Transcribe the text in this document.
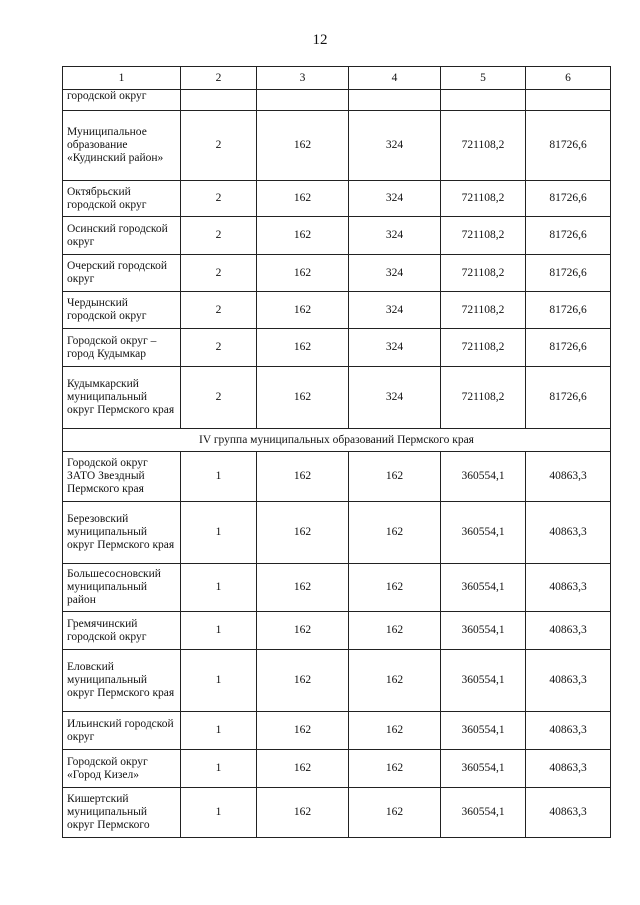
12
1	2	3	4	5	6
городской округ					
Муниципальное образование «Кудинский район»	2	162	324	721108,2	81726,6
Октябрьский городской округ	2	162	324	721108,2	81726,6
Осинский городской округ	2	162	324	721108,2	81726,6
Очерский городской округ	2	162	324	721108,2	81726,6
Чердынский городской округ	2	162	324	721108,2	81726,6
Городской округ – город Кудымкар	2	162	324	721108,2	81726,6
Кудымкарский муниципальный округ Пермского края	2	162	324	721108,2	81726,6
IV группа муниципальных образований Пермского края					
Городской округ ЗАТО Звездный Пермского края	1	162	162	360554,1	40863,3
Березовский муниципальный округ Пермского края	1	162	162	360554,1	40863,3
Большесосновский муниципальный район	1	162	162	360554,1	40863,3
Гремячинский городской округ	1	162	162	360554,1	40863,3
Еловский муниципальный округ Пермского края	1	162	162	360554,1	40863,3
Ильинский городской округ	1	162	162	360554,1	40863,3
Городской округ «Город Кизел»	1	162	162	360554,1	40863,3
Кишертский муниципальный округ Пермского	1	162	162	360554,1	40863,3
